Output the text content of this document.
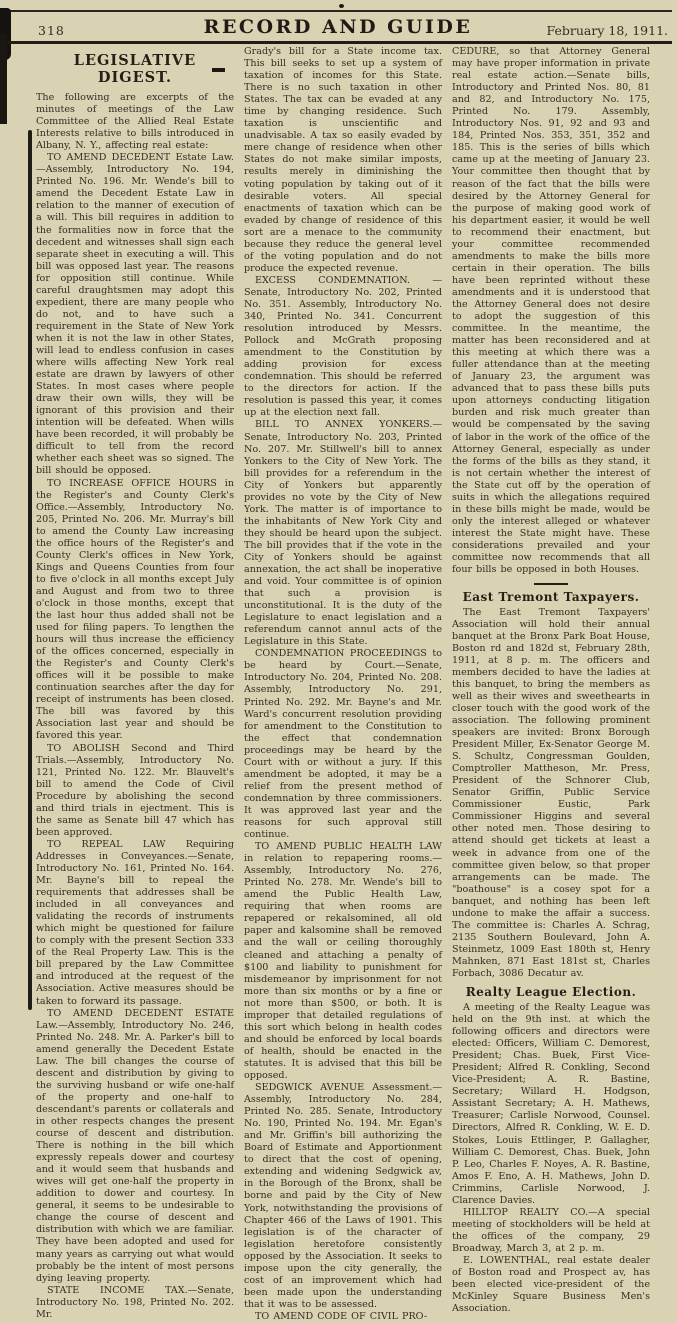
318	RECORD AND GUIDE	February 18, 1911.
LEGISLATIVE DIGEST.
The following are excerpts of the minutes of meetings of the Law Committee of the Allied Real Estate Interests relative to bills introduced in Albany, N. Y., affecting real estate:
TO AMEND DECEDENT Estate Law.—Assembly, Introductory No. 194, Printed No. 196. Mr. Wende's bill to amend the Decedent Estate Law in relation to the manner of execution of a will. This bill requires in addition to the formalities now in force that the decedent and witnesses shall sign each separate sheet in executing a will. This bill was opposed last year. The reasons for opposition still continue. While careful draughtsmen may adopt this expedient, there are many people who do not, and to have such a requirement in the State of New York when it is not the law in other States, will lead to endless confusion in cases where wills affecting New York real estate are drawn by lawyers of other States. In most cases where people draw their own wills, they will be ignorant of this provision and their intention will be defeated. When wills have been recorded, it will probably be difficult to tell from the record whether each sheet was so signed. The bill should be opposed.
TO INCREASE OFFICE HOURS in the Register's and County Clerk's Office.—Assembly, Introductory No. 205, Printed No. 206. Mr. Murray's bill to amend the County Law increasing the office hours of the Register's and County Clerk's offices in New York, Kings and Queens Counties from four to five o'clock in all months except July and August and from two to three o'clock in those months, except that the last hour thus added shall not be used for filing papers. To lengthen the hours will thus increase the efficiency of the offices concerned, especially in the Register's and County Clerk's offices will it be possible to make continuation searches after the day for receipt of instruments has been closed. The bill was favored by this Association last year and should be favored this year.
TO ABOLISH Second and Third Trials.—Assembly, Introductory No. 121, Printed No. 122. Mr. Blauvelt's bill to amend the Code of Civil Procedure by abolishing the second and third trials in ejectment. This is the same as Senate bill 47 which has been approved.
TO REPEAL LAW Requiring Addresses in Conveyances.—Senate, Introductory No. 161, Printed No. 164. Mr. Bayne's bill to repeal the requirements that addresses shall be included in all conveyances and validating the records of instruments which might be questioned for failure to comply with the present Section 333 of the Real Property Law. This is the bill prepared by the Law Committee and introduced at the request of the Association. Active measures should be taken to forward its passage.
TO AMEND DECEDENT ESTATE Law.—Assembly, Introductory No. 246, Printed No. 248. Mr. A. Parker's bill to amend generally the Decedent Estate Law. The bill changes the course of descent and distribution by giving to the surviving husband or wife one-half of the property and one-half to descendant's parents or collaterals and in other respects changes the present course of descent and distribution. There is nothing in the bill which expressly repeals dower and courtesy and it would seem that husbands and wives will get one-half the property in addition to dower and courtesy. In general, it seems to be undesirable to change the course of descent and distribution with which we are familiar. They have been adopted and used for many years as carrying out what would probably be the intent of most persons dying leaving property.
STATE INCOME TAX.—Senate, Introductory No. 198, Printed No. 202. Mr.
Grady's bill for a State income tax. This bill seeks to set up a system of taxation of incomes for this State. There is no such taxation in other States. The tax can be evaded at any time by changing residence. Such taxation is unscientific and unadvisable. A tax so easily evaded by mere change of residence when other States do not make similar imposts, results merely in diminishing the voting population by taking out of it desirable voters. All special enactments of taxation which can be evaded by change of residence of this sort are a menace to the community because they reduce the general level of the voting population and do not produce the expected revenue.
EXCESS CONDEMNATION. — Senate, Introductory No. 202, Printed No. 351. Assembly, Introductory No. 340, Printed No. 341. Concurrent resolution introduced by Messrs. Pollock and McGrath proposing amendment to the Constitution by adding provision for excess condemnation. This should be referred to the directors for action. If the resolution is passed this year, it comes up at the election next fall.
BILL TO ANNEX YONKERS.—Senate, Introductory No. 203, Printed No. 207. Mr. Stillwell's bill to annex Yonkers to the City of New York. The bill provides for a referendum in the City of Yonkers but apparently provides no vote by the City of New York. The matter is of importance to the inhabitants of New York City and they should be heard upon the subject. The bill provides that if the vote in the City of Yonkers should be against annexation, the act shall be inoperative and void. Your committee is of opinion that such a provision is unconstitutional. It is the duty of the Legislature to enact legislation and a referendum cannot annul acts of the Legislature in this State.
CONDEMNATION PROCEEDINGS to be heard by Court.—Senate, Introductory No. 204, Printed No. 208. Assembly, Introductory No. 291, Printed No. 292. Mr. Bayne's and Mr. Ward's concurrent resolution providing for amendment to the Constitution to the effect that condemnation proceedings may be heard by the Court with or without a jury. If this amendment be adopted, it may be a relief from the present method of condemnation by three commissioners. It was approved last year and the reasons for such approval still continue.
TO AMEND PUBLIC HEALTH LAW in relation to repapering rooms.—Assembly, Introductory No. 276, Printed No. 278. Mr. Wende's bill to amend the Public Health Law, requiring that when rooms are repapered or rekalsomined, all old paper and kalsomine shall be removed and the wall or ceiling thoroughly cleaned and attaching a penalty of $100 and liability to punishment for misdemeanor by imprisonment for not more than six months or by a fine or not more than $500, or both. It is improper that detailed regulations of this sort which belong in health codes and should be enforced by local boards of health, should be enacted in the statutes. It is advised that this bill be opposed.
SEDGWICK AVENUE Assessment.—Assembly, Introductory No. 284, Printed No. 285. Senate, Introductory No. 190, Printed No. 194. Mr. Egan's and Mr. Griffin's bill authorizing the Board of Estimate and Apportionment to direct that the cost of opening, extending and widening Sedgwick av, in the Borough of the Bronx, shall be borne and paid by the City of New York, notwithstanding the provisions of Chapter 466 of the Laws of 1901. This legislation is of the character of legislation heretofore consistently opposed by the Association. It seeks to impose upon the city generally, the cost of an improvement which had been made upon the understanding that it was to be assessed.
TO AMEND CODE OF CIVIL PRO-
CEDURE, so that Attorney General may have proper information in private real estate action.—Senate bills, Introductory and Printed Nos. 80, 81 and 82, and Introductory No. 175, Printed No. 179. Assembly, Introductory Nos. 91, 92 and 93 and 184, Printed Nos. 353, 351, 352 and 185. This is the series of bills which came up at the meeting of January 23. Your committee then thought that by reason of the fact that the bills were desired by the Attorney General for the purpose of making good work of his department easier, it would be well to recommend their enactment, but your committee recommended amendments to make the bills more certain in their operation. The bills have been reprinted without these amendments and it is understood that the Attorney General does not desire to adopt the suggestion of this committee. In the meantime, the matter has been reconsidered and at this meeting at which there was a fuller attendance than at the meeting of January 23, the argument was advanced that to pass these bills puts upon attorneys conducting litigation burden and risk much greater than would be compensated by the saving of labor in the work of the office of the Attorney General, especially as under the forms of the bills as they stand, it is not certain whether the interest of the State cut off by the operation of suits in which the allegations required in these bills might be made, would be only the interest alleged or whatever interest the State might have. These considerations prevailed and your committee now recommends that all four bills be opposed in both Houses.
East Tremont Taxpayers.
The East Tremont Taxpayers' Association will hold their annual banquet at the Bronx Park Boat House, Boston rd and 182d st, February 28th, 1911, at 8 p. m. The officers and members decided to have the ladies at this banquet, to bring the members as well as their wives and sweethearts in closer touch with the good work of the association. The following prominent speakers are invited: Bronx Borough President Miller, Ex-Senator George M. S. Schultz, Congressman Goulden, Comptroller Mattheson, Mr. Press, President of the Schnorer Club, Senator Griffin, Public Service Commissioner Eustic, Park Commissioner Higgins and several other noted men. Those desiring to attend should get tickets at least a week in advance from one of the committee given below, so that proper arrangements can be made. The "boathouse" is a cosey spot for a banquet, and nothing has been left undone to make the affair a success. The committee is: Charles A. Schrag, 2135 Southern Boulevard, John A. Steinmetz, 1009 East 180th st, Henry Mahnken, 871 East 181st st, Charles Forbach, 3086 Decatur av.
Realty League Election.
A meeting of the Realty League was held on the 9th inst. at which the following officers and directors were elected: Officers, William C. Demorest, President; Chas. Buek, First Vice-President; Alfred R. Conkling, Second Vice-President; A. R. Bastine, Secretary; Willard H. Hodgson, Assistant Secretary; A. H. Mathews, Treasurer; Carlisle Norwood, Counsel. Directors, Alfred R. Conkling, W. E. D. Stokes, Louis Ettlinger, P. Gallagher, William C. Demorest, Chas. Buek, John P. Leo, Charles F. Noyes, A. R. Bastine, Amos F. Eno, A. H. Mathews, John D. Crimmins, Carlisle Norwood, J. Clarence Davies.
HILLTOP REALTY CO.—A special meeting of stockholders will be held at the offices of the company, 29 Broadway, March 3, at 2 p. m.
E. LOWENTHAL, real estate dealer of Boston road and Prospect av, has been elected vice-president of the McKinley Square Business Men's Association.
